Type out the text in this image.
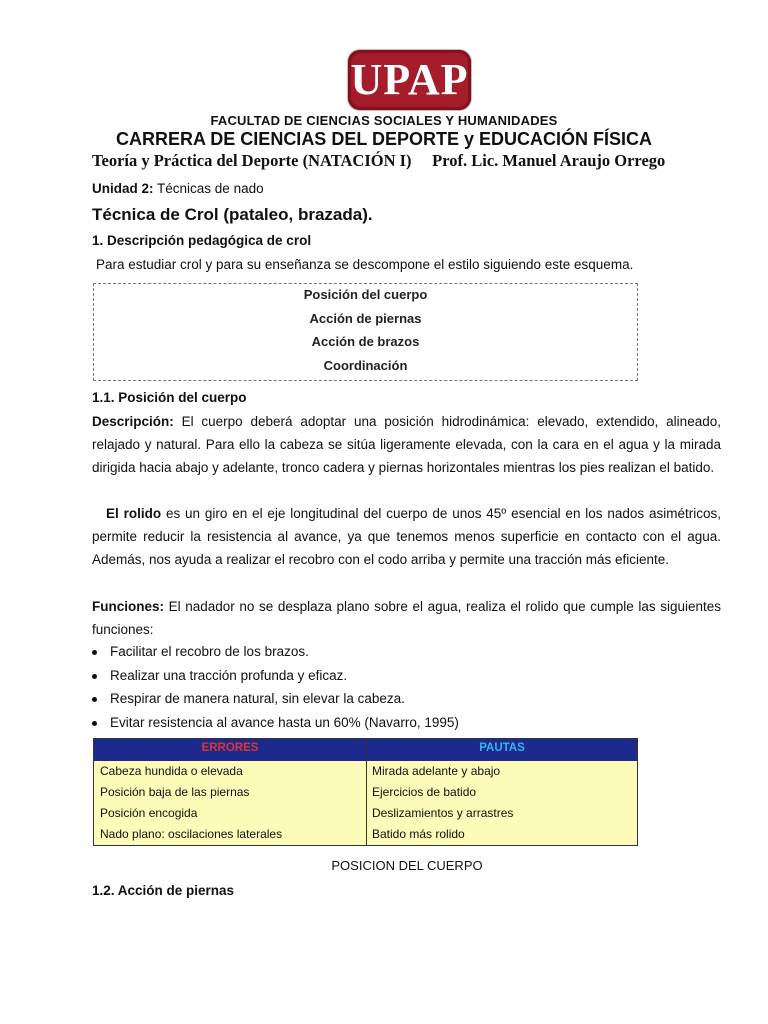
UPAP
FACULTAD DE CIENCIAS SOCIALES Y HUMANIDADES
CARRERA DE CIENCIAS DEL DEPORTE y EDUCACIÓN FÍSICA
Teoría y Práctica del Deporte (NATACIÓN I)     Prof. Lic. Manuel Araujo Orrego
Unidad 2: Técnicas de nado
Técnica de Crol (pataleo, brazada).
1. Descripción pedagógica de crol
Para estudiar crol y para su enseñanza se descompone el estilo siguiendo este esquema.
Posición del cuerpo
Acción de piernas
Acción de brazos
Coordinación
1.1. Posición del cuerpo
Descripción: El cuerpo deberá adoptar una posición hidrodinámica: elevado, extendido, alineado, relajado y natural. Para ello la cabeza se sitúa ligeramente elevada, con la cara en el agua y la mirada dirigida hacia abajo y adelante, tronco cadera y piernas horizontales mientras los pies realizan el batido.
El rolido es un giro en el eje longitudinal del cuerpo de unos 45º esencial en los nados asimétricos, permite reducir la resistencia al avance, ya que tenemos menos superficie en contacto con el agua. Además, nos ayuda a realizar el recobro con el codo arriba y permite una tracción más eficiente.
Funciones: El nadador no se desplaza plano sobre el agua, realiza el rolido que cumple las siguientes funciones:
Facilitar el recobro de los brazos.
Realizar una tracción profunda y eficaz.
Respirar de manera natural, sin elevar la cabeza.
Evitar resistencia al avance hasta un 60% (Navarro, 1995)
ERRORES	PAUTAS
Cabeza hundida o elevada	Mirada adelante y abajo
Posición baja de las piernas	Ejercicios de batido
Posición encogida	Deslizamientos y arrastres
Nado plano: oscilaciones laterales	Batido más rolido
POSICION DEL CUERPO
1.2. Acción de piernas
